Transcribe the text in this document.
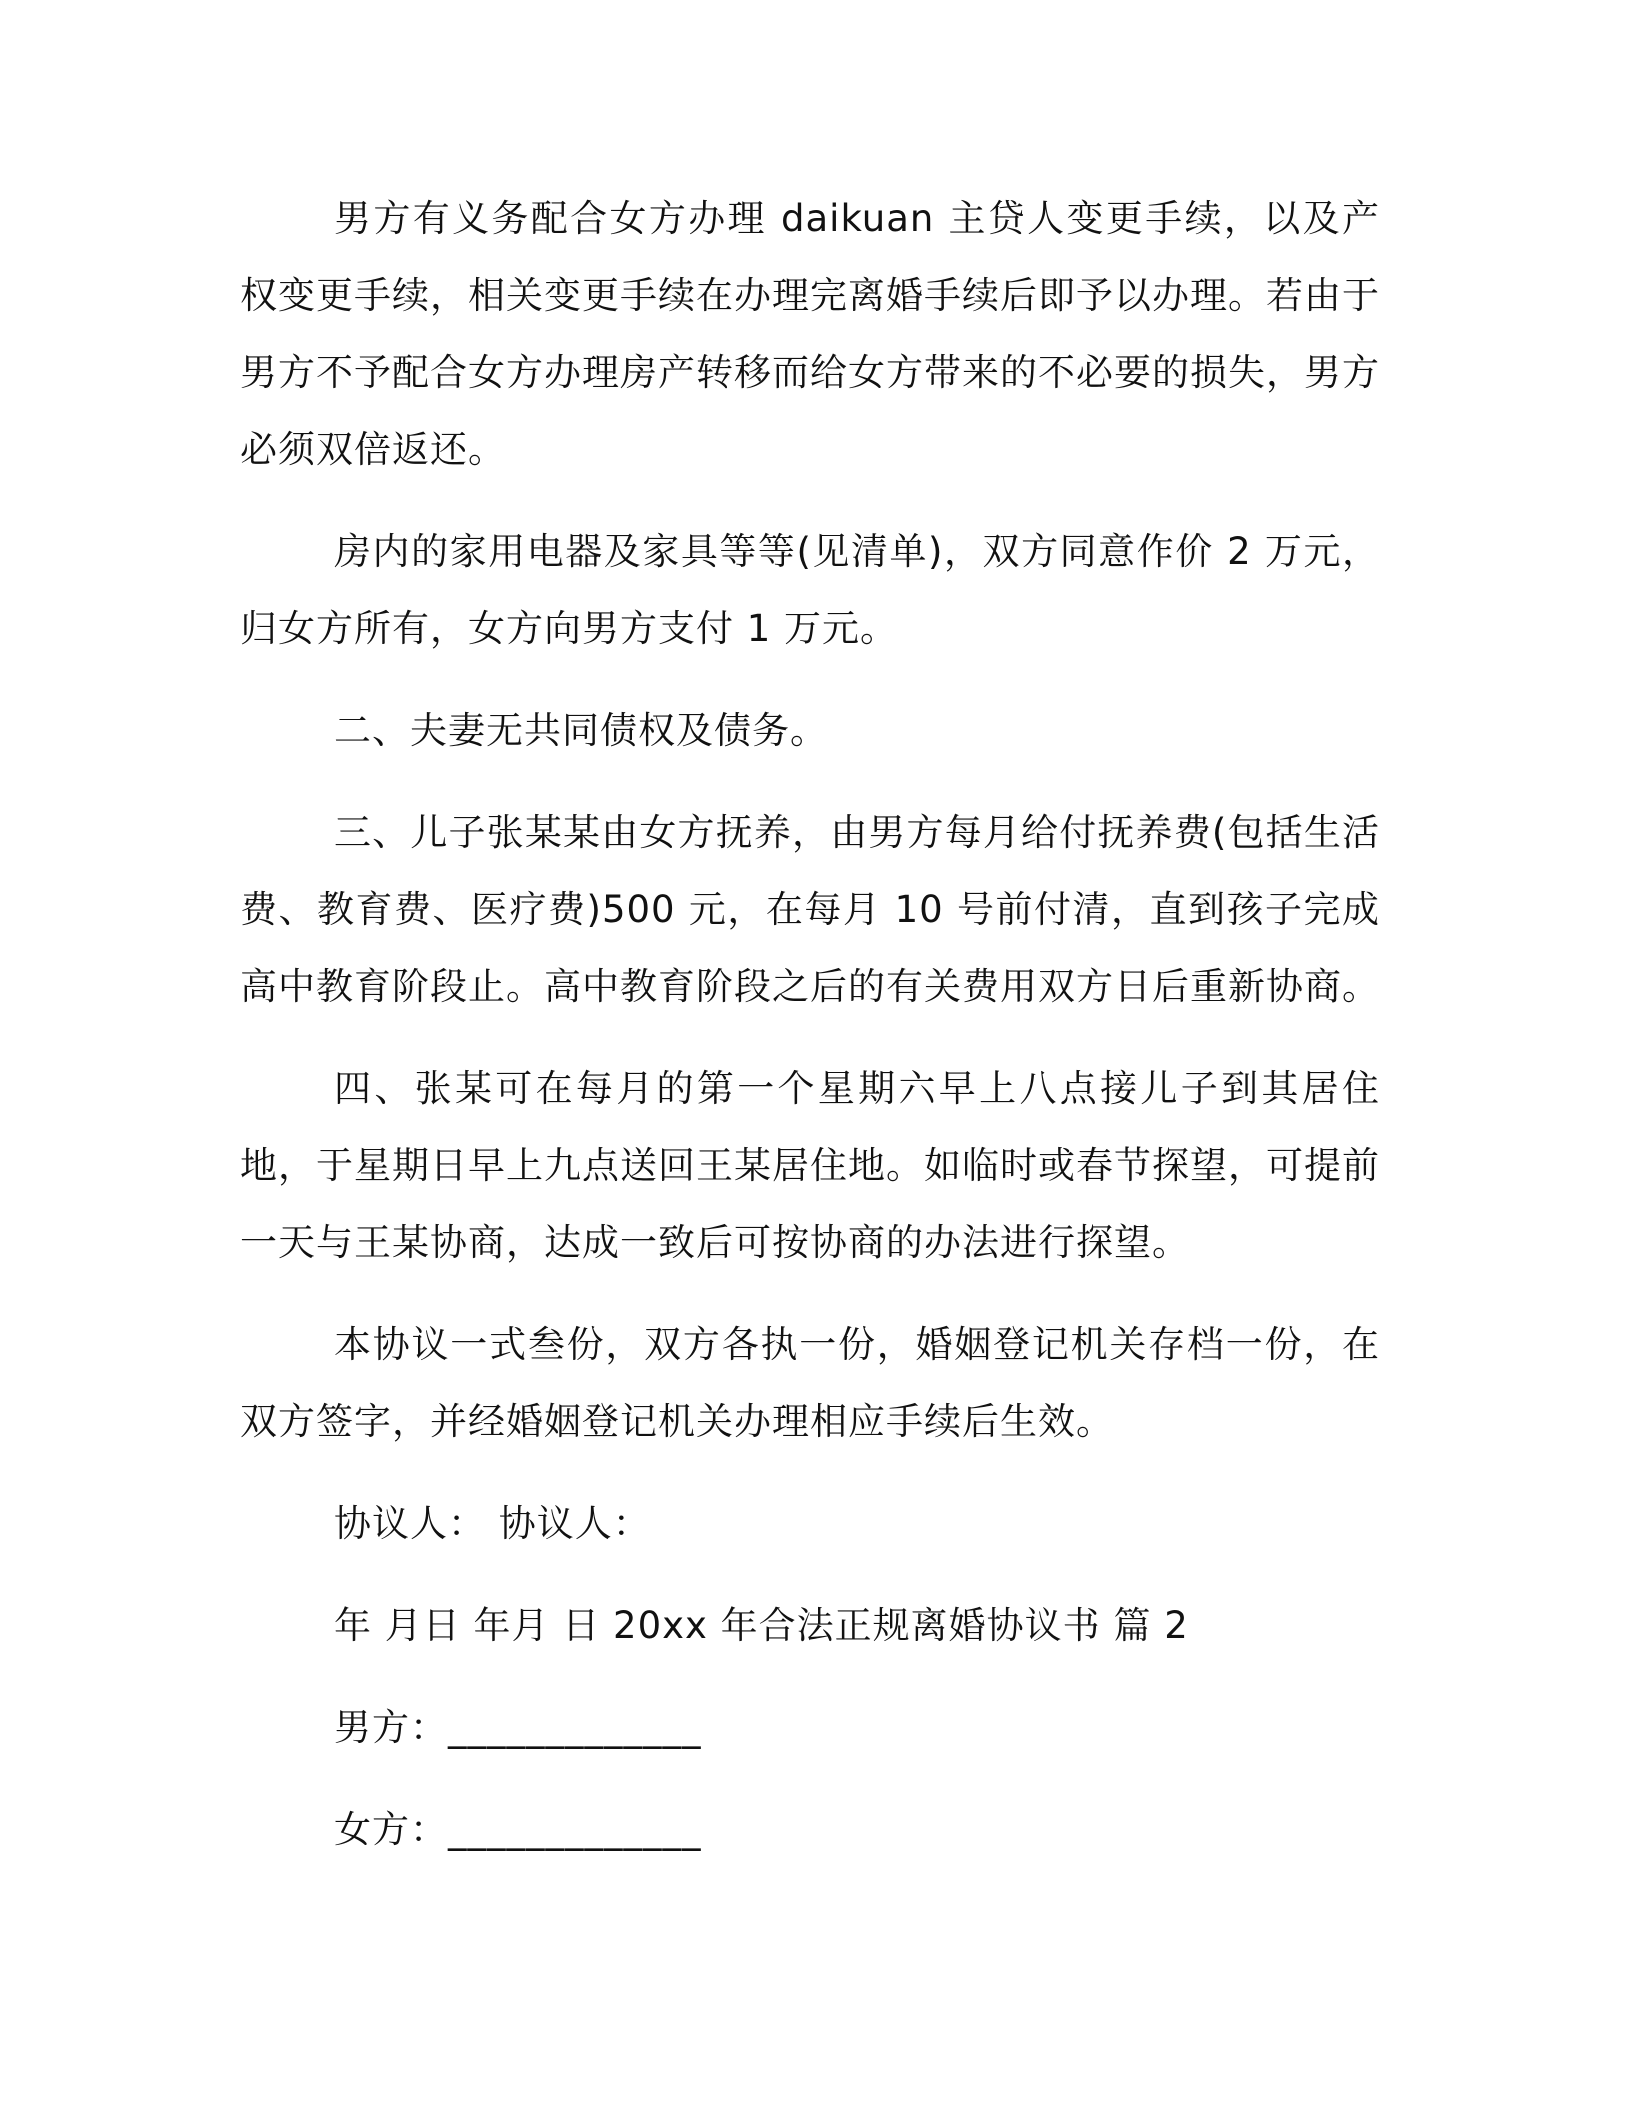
男方有义务配合女方办理 daikuan 主贷人变更手续，以及产权变更手续，相关变更手续在办理完离婚手续后即予以办理。若由于男方不予配合女方办理房产转移而给女方带来的不必要的损失，男方必须双倍返还。

房内的家用电器及家具等等(见清单)，双方同意作价 2 万元，归女方所有，女方向男方支付 1 万元。

二、夫妻无共同债权及债务。

三、儿子张某某由女方抚养，由男方每月给付抚养费(包括生活费、教育费、医疗费)500 元，在每月 10 号前付清，直到孩子完成高中教育阶段止。高中教育阶段之后的有关费用双方日后重新协商。

四、张某可在每月的第一个星期六早上八点接儿子到其居住地，于星期日早上九点送回王某居住地。如临时或春节探望，可提前一天与王某协商，达成一致后可按协商的办法进行探望。

本协议一式叁份，双方各执一份，婚姻登记机关存档一份，在双方签字，并经婚姻登记机关办理相应手续后生效。

协议人： 协议人：
年 月日 年月 日 20xx 年合法正规离婚协议书 篇 2
男方：_____________
女方：_____________
